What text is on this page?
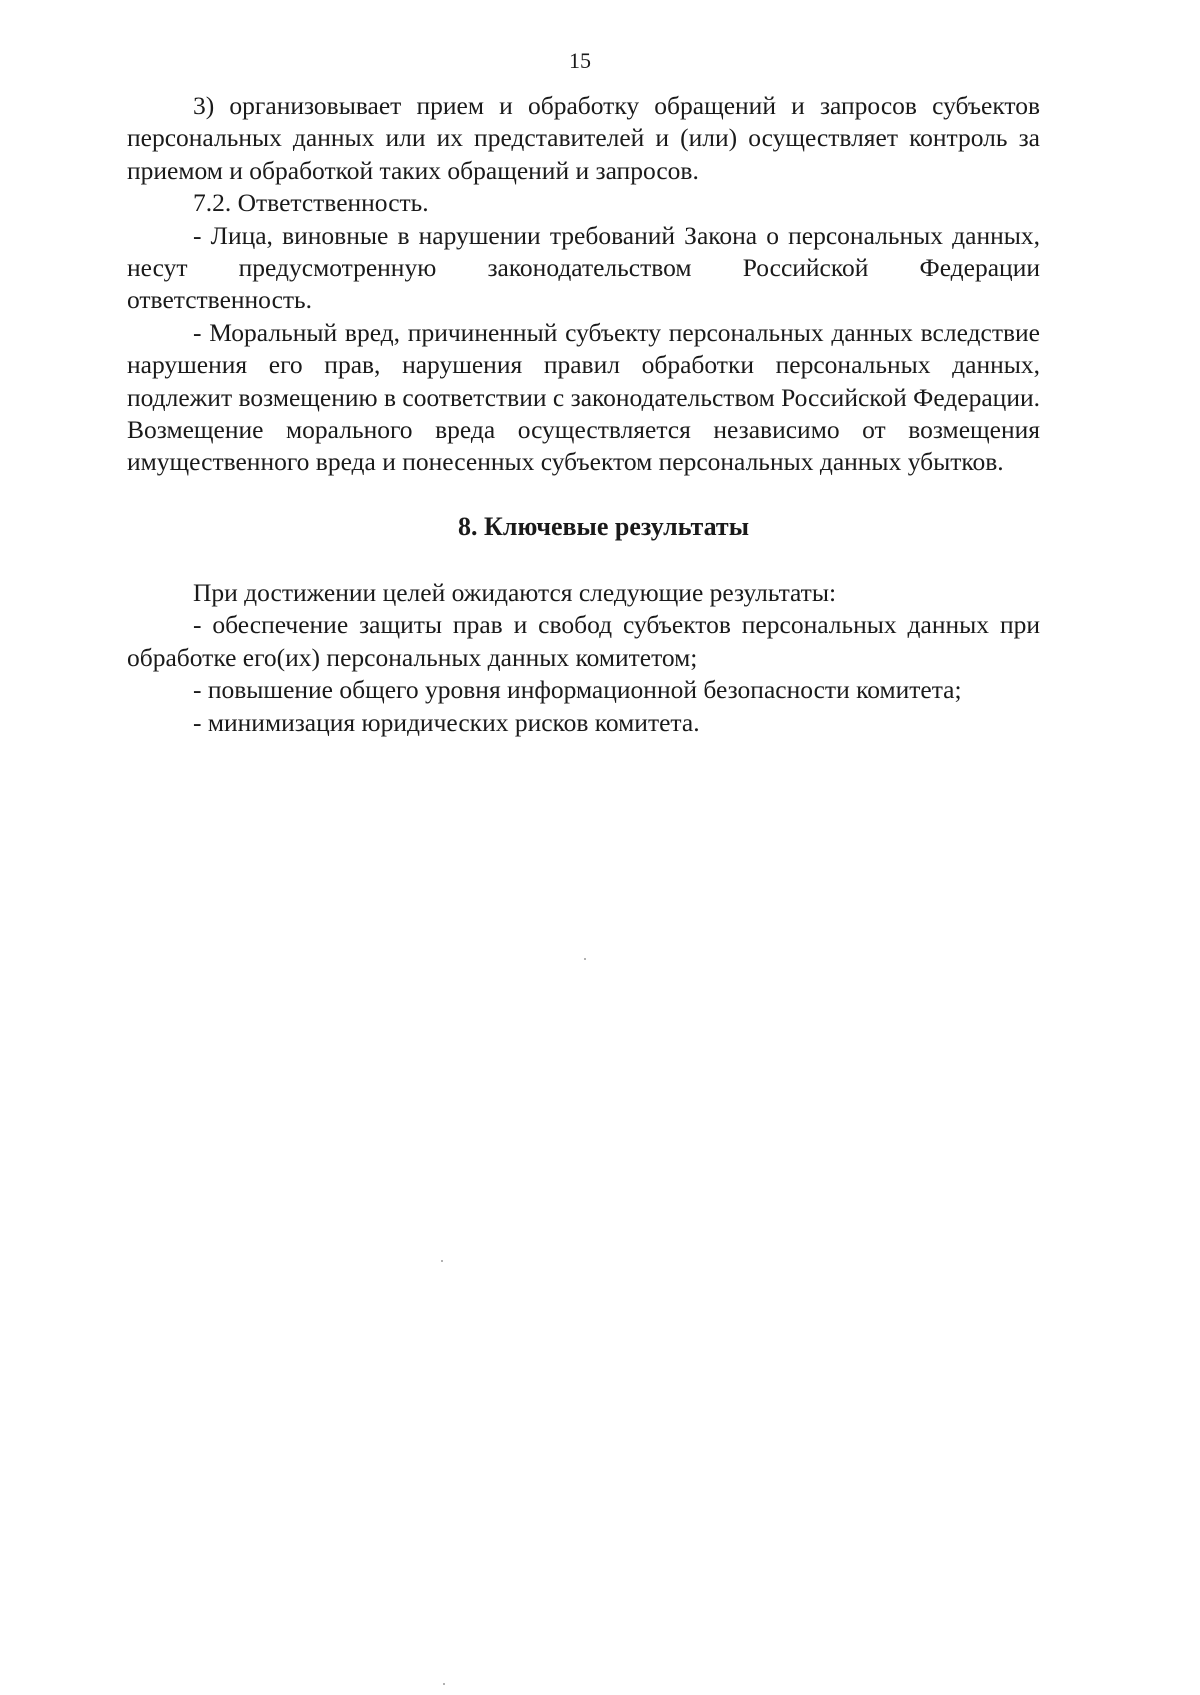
15

3) организовывает прием и обработку обращений и запросов субъектов персональных данных или их представителей и (или) осуществляет контроль за приемом и обработкой таких обращений и запросов.

7.2. Ответственность.

- Лица, виновные в нарушении требований Закона о персональных данных, несут предусмотренную законодательством Российской Федерации ответственность.

- Моральный вред, причиненный субъекту персональных данных вследствие нарушения его прав, нарушения правил обработки персональных данных, подлежит возмещению в соответствии с законодательством Российской Федерации. Возмещение морального вреда осуществляется независимо от возмещения имущественного вреда и понесенных субъектом персональных данных убытков.

8. Ключевые результаты

При достижении целей ожидаются следующие результаты:

- обеспечение защиты прав и свобод субъектов персональных данных при обработке его(их) персональных данных комитетом;

- повышение общего уровня информационной безопасности комитета;

- минимизация юридических рисков комитета.
